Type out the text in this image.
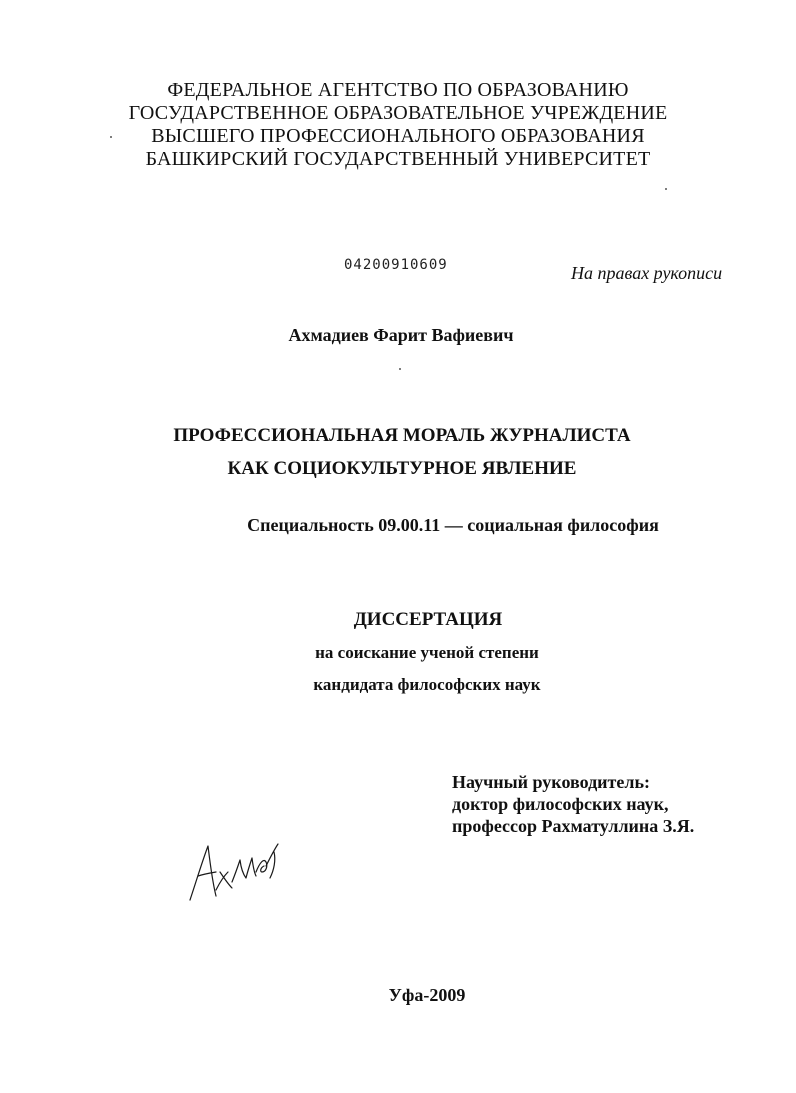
ФЕДЕРАЛЬНОЕ АГЕНТСТВО ПО ОБРАЗОВАНИЮ
ГОСУДАРСТВЕННОЕ ОБРАЗОВАТЕЛЬНОЕ УЧРЕЖДЕНИЕ
ВЫСШЕГО ПРОФЕССИОНАЛЬНОГО ОБРАЗОВАНИЯ
БАШКИРСКИЙ ГОСУДАРСТВЕННЫЙ УНИВЕРСИТЕТ
04200910609	На правах рукописи
Ахмадиев Фарит Вафиевич
ПРОФЕССИОНАЛЬНАЯ МОРАЛЬ ЖУРНАЛИСТА
КАК СОЦИОКУЛЬТУРНОЕ ЯВЛЕНИЕ
Специальность 09.00.11 — социальная философия
ДИССЕРТАЦИЯ
на соискание ученой степени
кандидата философских наук
Научный руководитель:
доктор философских наук,
профессор Рахматуллина З.Я.
Уфа-2009
